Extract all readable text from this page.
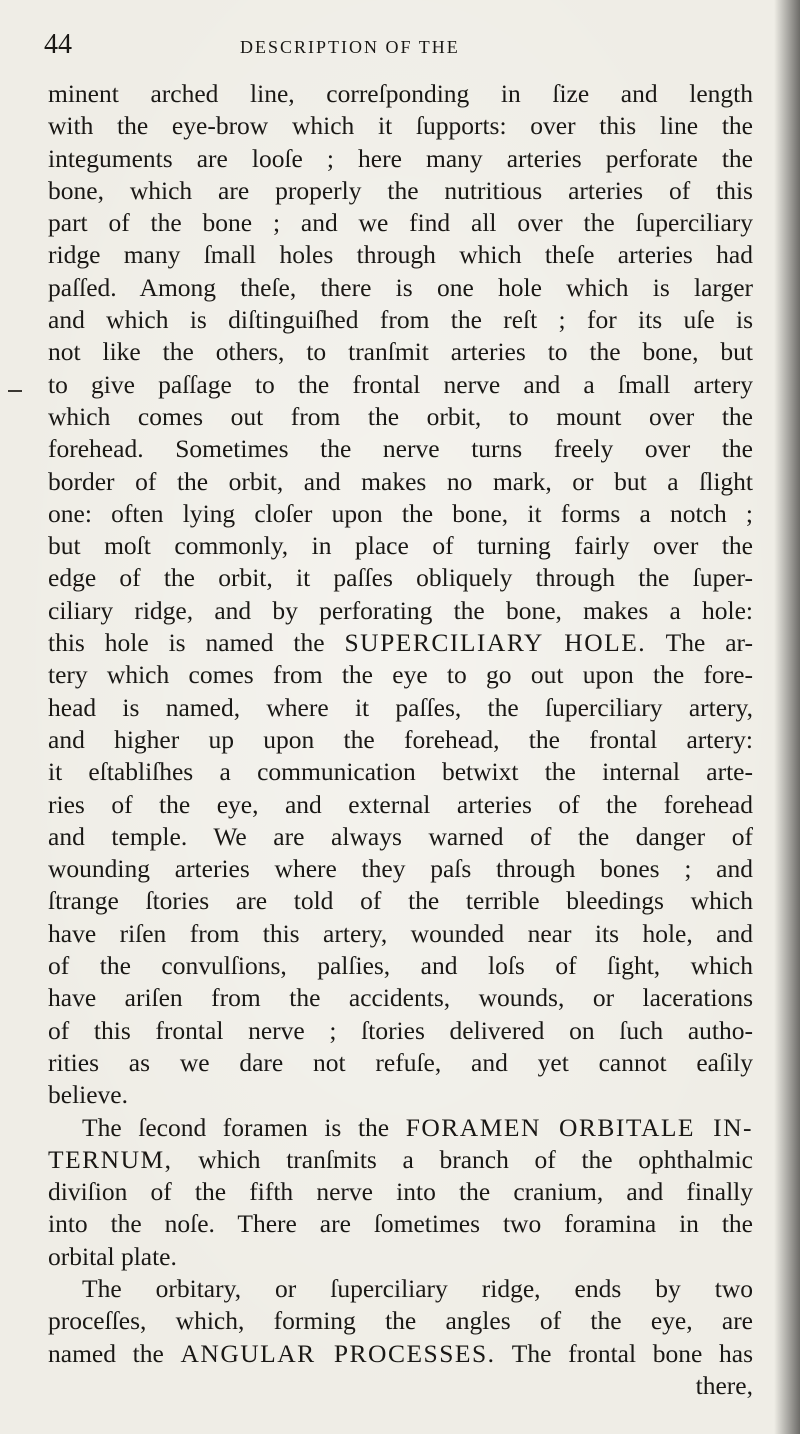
44	DESCRIPTION OF THE
minent arched line, correſponding in ſize and length
with the eye-brow which it ſupports: over this line the
integuments are looſe ; here many arteries perforate the
bone, which are properly the nutritious arteries of this
part of the bone ; and we find all over the ſuperciliary
ridge many ſmall holes through which theſe arteries had
paſſed. Among theſe, there is one hole which is larger
and which is diſtinguiſhed from the reſt ; for its uſe is
not like the others, to tranſmit arteries to the bone, but
to give paſſage to the frontal nerve and a ſmall artery
which comes out from the orbit, to mount over the
forehead. Sometimes the nerve turns freely over the
border of the orbit, and makes no mark, or but a ſlight
one: often lying cloſer upon the bone, it forms a notch ;
but moſt commonly, in place of turning fairly over the
edge of the orbit, it paſſes obliquely through the ſuper-
ciliary ridge, and by perforating the bone, makes a hole:
this hole is named the SUPERCILIARY HOLE. The ar-
tery which comes from the eye to go out upon the fore-
head is named, where it paſſes, the ſuperciliary artery,
and higher up upon the forehead, the frontal artery:
it eſtabliſhes a communication betwixt the internal arte-
ries of the eye, and external arteries of the forehead
and temple. We are always warned of the danger of
wounding arteries where they paſs through bones ; and
ſtrange ſtories are told of the terrible bleedings which
have riſen from this artery, wounded near its hole, and
of the convulſions, palſies, and loſs of ſight, which
have ariſen from the accidents, wounds, or lacerations
of this frontal nerve ; ſtories delivered on ſuch autho-
rities as we dare not refuſe, and yet cannot eaſily
believe.
The ſecond foramen is the FORAMEN ORBITALE IN-
TERNUM, which tranſmits a branch of the ophthalmic
diviſion of the fifth nerve into the cranium, and finally
into the noſe. There are ſometimes two foramina in the
orbital plate.
The orbitary, or ſuperciliary ridge, ends by two
proceſſes, which, forming the angles of the eye, are
named the ANGULAR PROCESSES. The frontal bone has
there,
